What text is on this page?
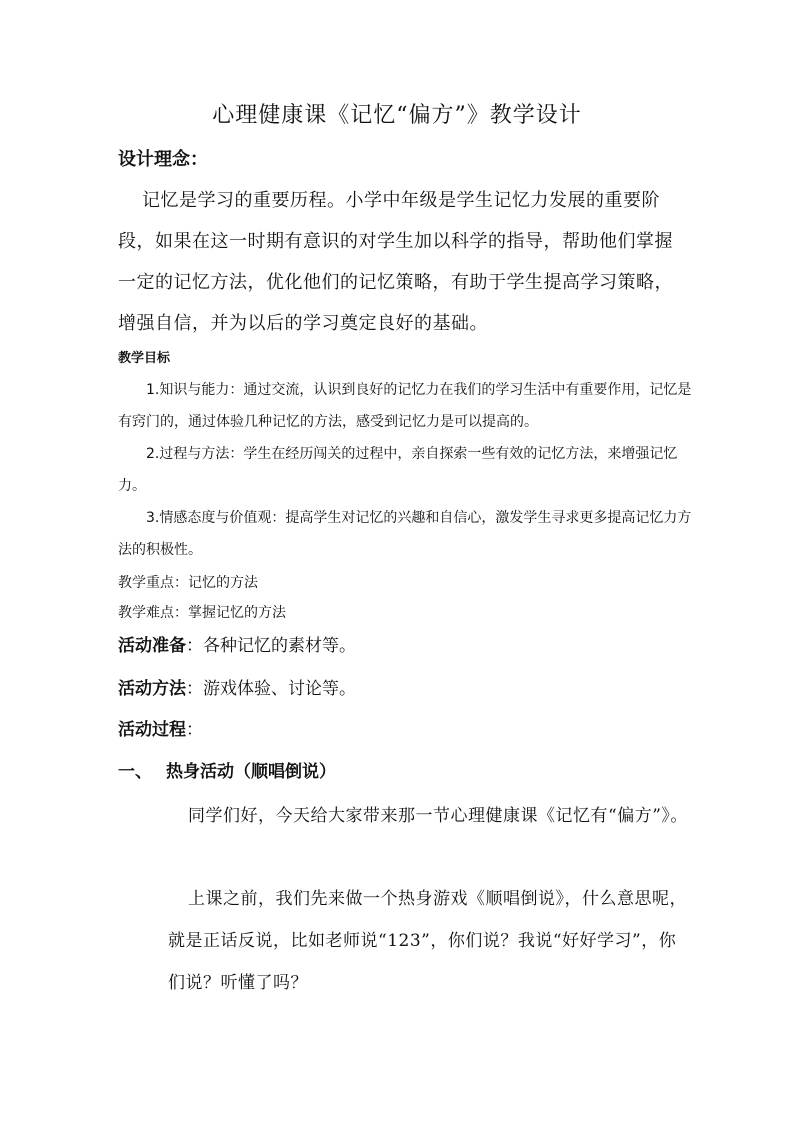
心理健康课《记忆“偏方”》教学设计
设计理念：
记忆是学习的重要历程。小学中年级是学生记忆力发展的重要阶段，如果在这一时期有意识的对学生加以科学的指导，帮助他们掌握一定的记忆方法，优化他们的记忆策略，有助于学生提高学习策略，增强自信，并为以后的学习奠定良好的基础。
教学目标
1.知识与能力：通过交流，认识到良好的记忆力在我们的学习生活中有重要作用，记忆是有窍门的，通过体验几种记忆的方法，感受到记忆力是可以提高的。
2.过程与方法：学生在经历闯关的过程中，亲自探索一些有效的记忆方法，来增强记忆力。
3.情感态度与价值观：提高学生对记忆的兴趣和自信心，激发学生寻求更多提高记忆力方法的积极性。
教学重点：记忆的方法
教学难点：掌握记忆的方法
活动准备：各种记忆的素材等。
活动方法：游戏体验、讨论等。
活动过程：
一、 热身活动（顺唱倒说）
同学们好，今天给大家带来那一节心理健康课《记忆有“偏方”》。
上课之前，我们先来做一个热身游戏《顺唱倒说》，什么意思呢，就是正话反说，比如老师说“123”，你们说？我说“好好学习”，你们说？听懂了吗？
